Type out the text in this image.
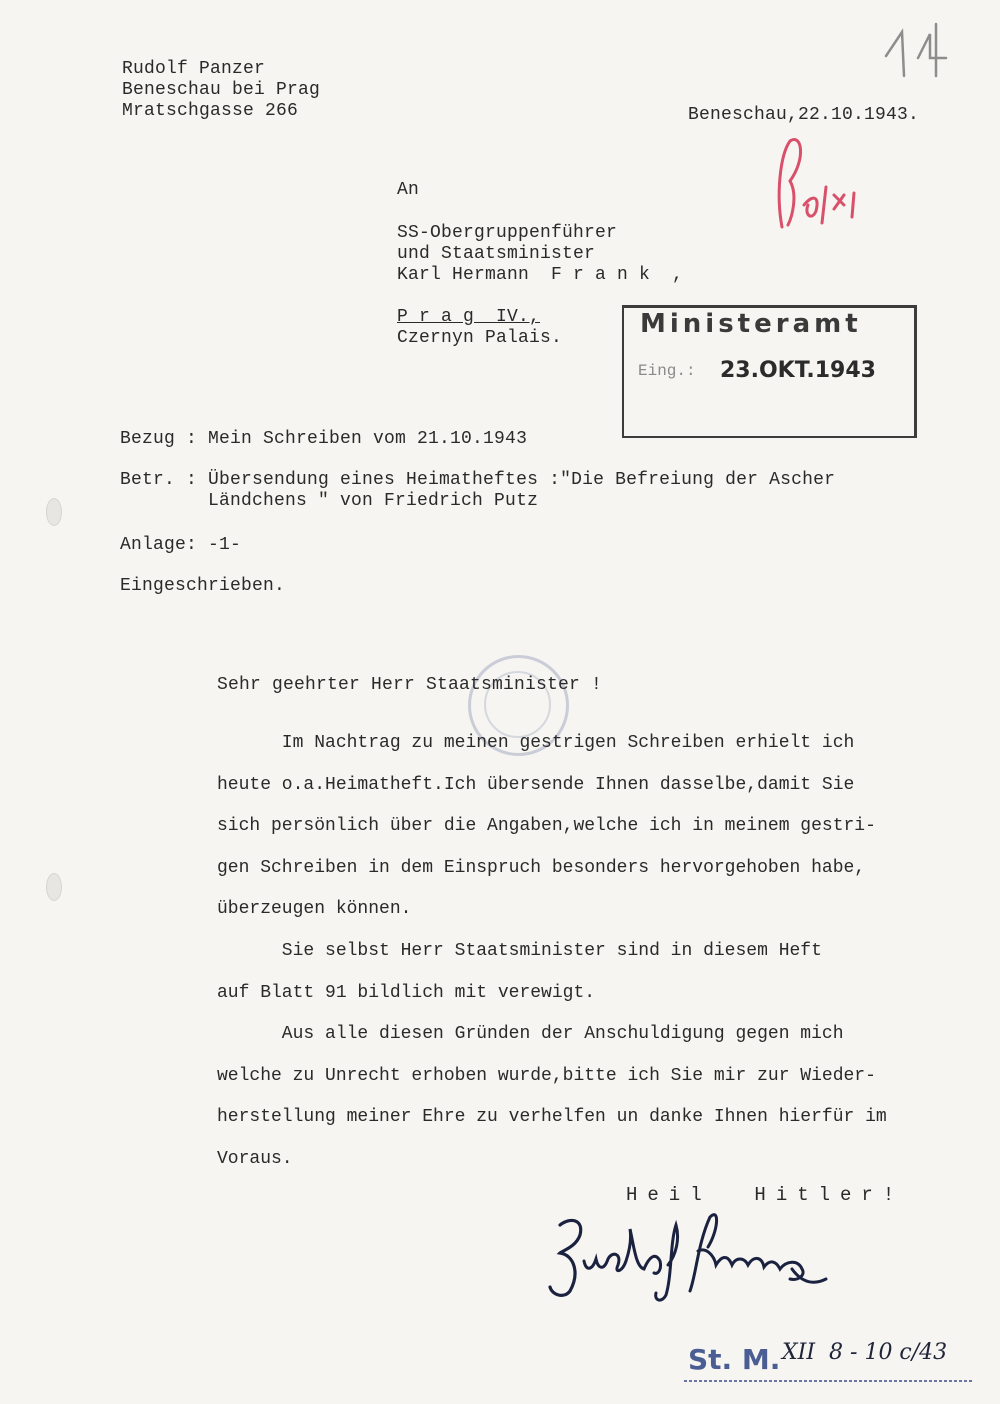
Rudolf Panzer
Beneschau bei Prag
Mratschgasse 266	Beneschau,22.10.1943.
An
SS-Obergruppenführer
und Staatsminister
Karl Hermann  F r a n k  ,
P r a g  IV.,
Czernyn Palais.	Ministeramt
Eing.: 23.OKT.1943
Bezug : Mein Schreiben vom 21.10.1943
Betr. : Übersendung eines Heimatheftes :"Die Befreiung der Ascher
Ländchens " von Friedrich Putz
Anlage: -1-
Eingeschrieben.
Sehr geehrter Herr Staatsminister !
Im Nachtrag zu meinen gestrigen Schreiben erhielt ich
heute o.a.Heimatheft.Ich übersende Ihnen dasselbe,damit Sie
sich persönlich über die Angaben,welche ich in meinem gestri-
gen Schreiben in dem Einspruch besonders hervorgehoben habe,
überzeugen können.
Sie selbst Herr Staatsminister sind in diesem Heft
auf Blatt 91 bildlich mit verewigt.
Aus alle diesen Gründen der Anschuldigung gegen mich
welche zu Unrecht erhoben wurde,bitte ich Sie mir zur Wieder-
herstellung meiner Ehre zu verhelfen un danke Ihnen hierfür im
Voraus.
Heil  Hitler!
St. M. XII  8 - 10 c/43
